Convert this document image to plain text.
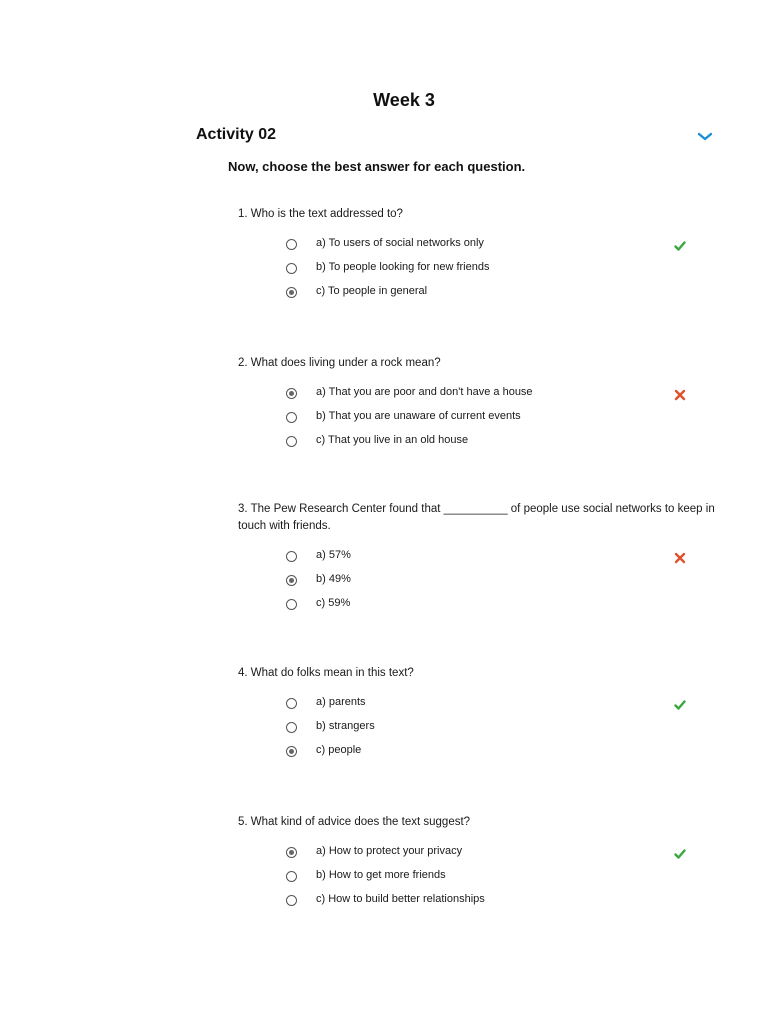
Week 3
Activity 02
Now, choose the best answer for each question.
1. Who is the text addressed to?
a) To users of social networks only
b) To people looking for new friends
c) To people in general
2. What does living under a rock mean?
a) That you are poor and don't have a house
b) That you are unaware of current events
c) That you live in an old house
3. The Pew Research Center found that __________ of people use social networks to keep in touch with friends.
a) 57%
b) 49%
c) 59%
4. What do folks mean in this text?
a) parents
b) strangers
c) people
5. What kind of advice does the text suggest?
a) How to protect your privacy
b) How to get more friends
c) How to build better relationships
